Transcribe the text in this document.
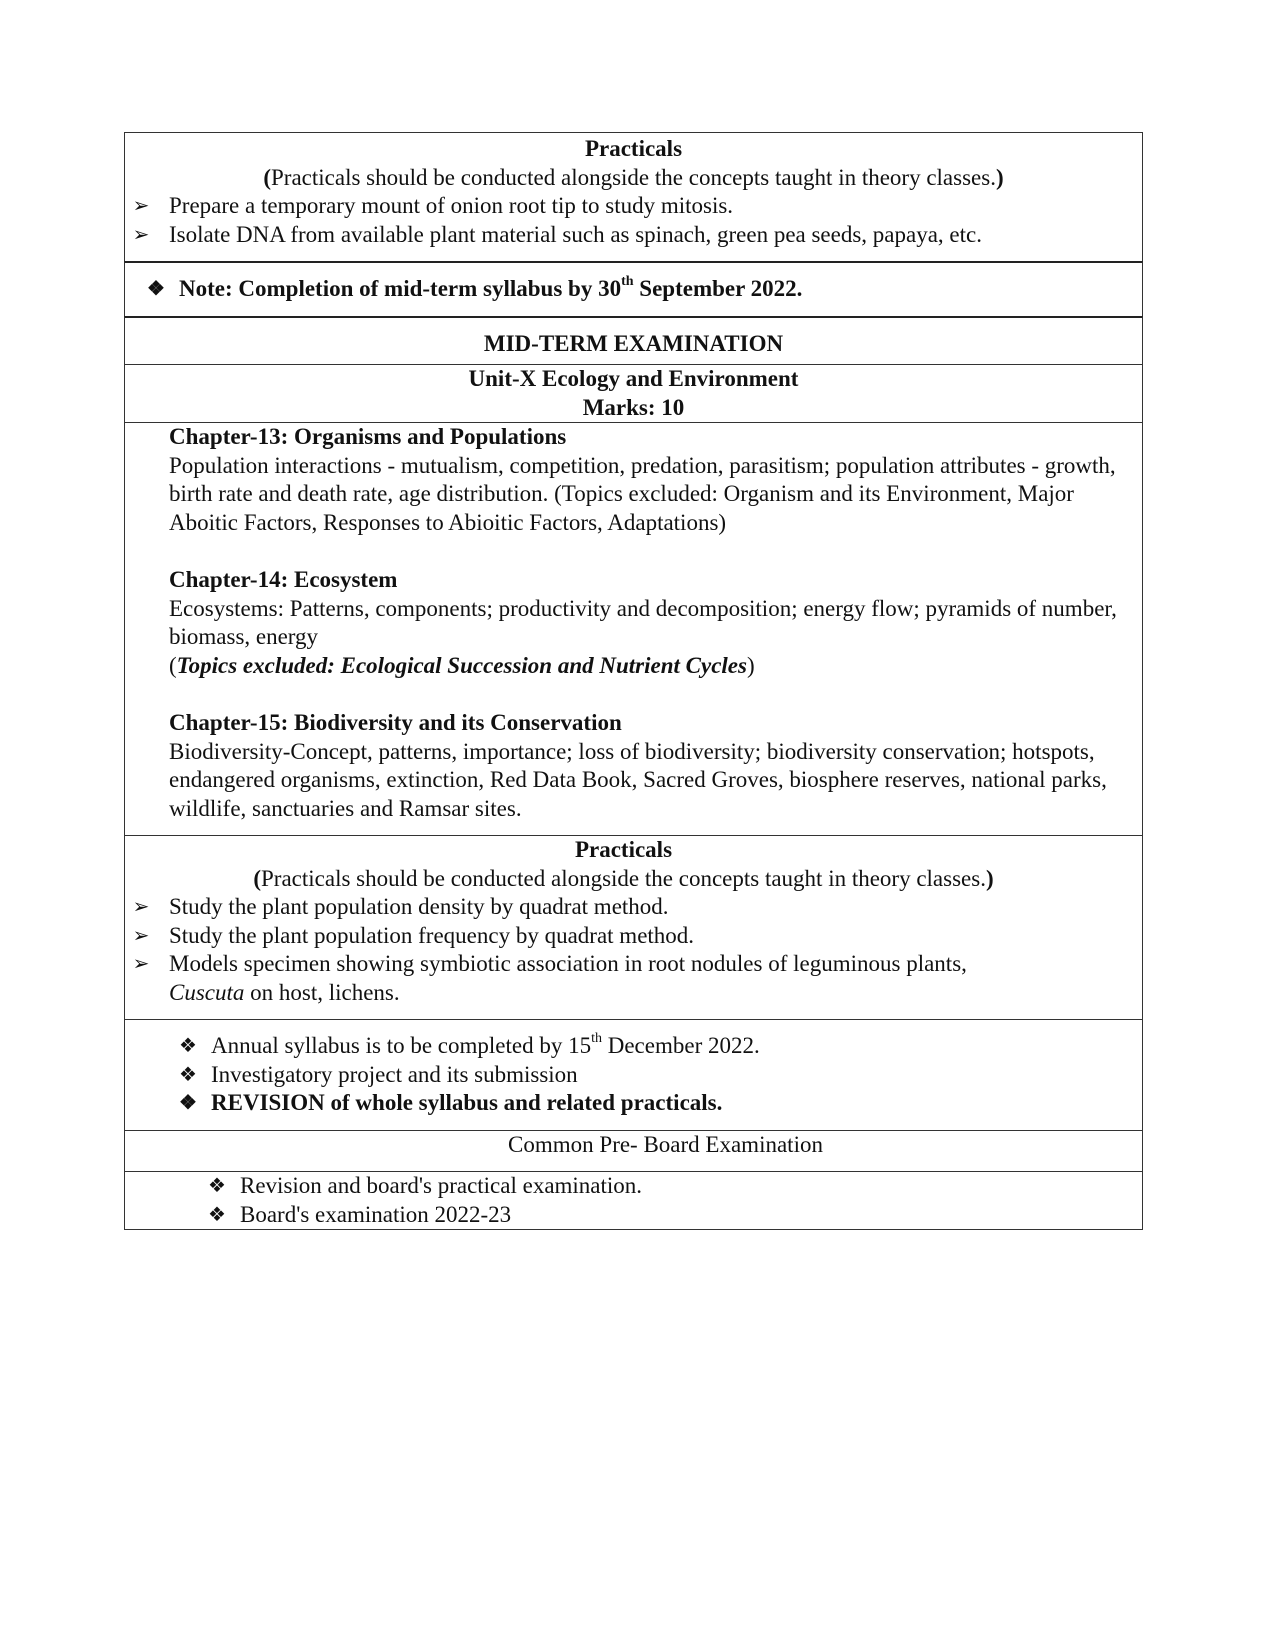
Practicals
(Practicals should be conducted alongside the concepts taught in theory classes.)
➢ Prepare a temporary mount of onion root tip to study mitosis.
➢ Isolate DNA from available plant material such as spinach, green pea seeds, papaya, etc.
❖ Note: Completion of mid-term syllabus by 30th September 2022.
MID-TERM EXAMINATION
Unit-X Ecology and Environment
Marks: 10
Chapter-13: Organisms and Populations
Population interactions - mutualism, competition, predation, parasitism; population attributes - growth, birth rate and death rate, age distribution. (Topics excluded: Organism and its Environment, Major Aboitic Factors, Responses to Abioitic Factors, Adaptations)
Chapter-14: Ecosystem
Ecosystems: Patterns, components; productivity and decomposition; energy flow; pyramids of number, biomass, energy
(Topics excluded: Ecological Succession and Nutrient Cycles)
Chapter-15: Biodiversity and its Conservation
Biodiversity-Concept, patterns, importance; loss of biodiversity; biodiversity conservation; hotspots, endangered organisms, extinction, Red Data Book, Sacred Groves, biosphere reserves, national parks, wildlife, sanctuaries and Ramsar sites.
Practicals
(Practicals should be conducted alongside the concepts taught in theory classes.)
➢ Study the plant population density by quadrat method.
➢ Study the plant population frequency by quadrat method.
➢ Models specimen showing symbiotic association in root nodules of leguminous plants,
Cuscuta on host, lichens.
❖ Annual syllabus is to be completed by 15th December 2022.
❖ Investigatory project and its submission
❖ REVISION of whole syllabus and related practicals.
Common Pre- Board Examination
❖ Revision and board's practical examination.
❖ Board's examination 2022-23
